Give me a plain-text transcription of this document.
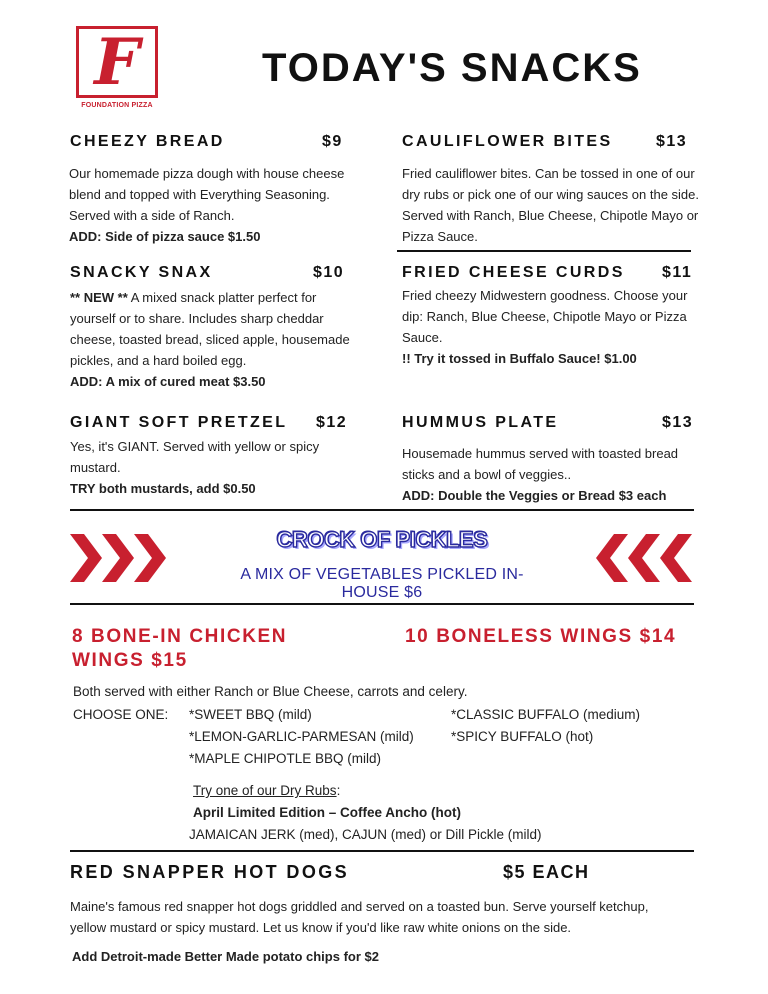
F
FOUNDATION PIZZA
TODAY'S SNACKS
CHEEZY BREAD	$9
Our homemade pizza dough with house cheese
blend and topped with Everything Seasoning.
Served with a side of Ranch.
ADD: Side of pizza sauce $1.50
CAULIFLOWER BITES	$13
Fried cauliflower bites. Can be tossed in one of our
dry rubs or pick one of our wing sauces on the side.
Served with Ranch, Blue Cheese, Chipotle Mayo or
Pizza Sauce.
SNACKY SNAX	$10
** NEW ** A mixed snack platter perfect for
yourself or to share. Includes sharp cheddar
cheese, toasted bread, sliced apple, housemade
pickles, and a hard boiled egg.
ADD: A mix of cured meat $3.50
FRIED CHEESE CURDS $11
Fried cheezy Midwestern goodness. Choose your
dip: Ranch, Blue Cheese, Chipotle Mayo or Pizza
Sauce.
!! Try it tossed in Buffalo Sauce! $1.00
GIANT SOFT PRETZEL $12
Yes, it's GIANT. Served with yellow or spicy
mustard.
TRY both mustards, add $0.50
HUMMUS PLATE	$13
Housemade hummus served with toasted bread
sticks and a bowl of veggies..
ADD: Double the Veggies or Bread $3 each
CROCK OF PICKLES
A MIX OF VEGETABLES PICKLED IN-HOUSE $6
8 BONE-IN CHICKEN
WINGS $15
10 BONELESS WINGS $14
Both served with either Ranch or Blue Cheese, carrots and celery.
CHOOSE ONE: *SWEET BBQ (mild)
*LEMON-GARLIC-PARMESAN (mild)
*MAPLE CHIPOTLE BBQ (mild)
*CLASSIC BUFFALO (medium)
*SPICY BUFFALO (hot)
Try one of our Dry Rubs:
April Limited Edition – Coffee Ancho (hot)
JAMAICAN JERK (med), CAJUN (med) or Dill Pickle (mild)
RED SNAPPER HOT DOGS	$5 EACH
Maine's famous red snapper hot dogs griddled and served on a toasted bun. Serve yourself ketchup,
yellow mustard or spicy mustard. Let us know if you'd like raw white onions on the side.
Add Detroit-made Better Made potato chips for $2
